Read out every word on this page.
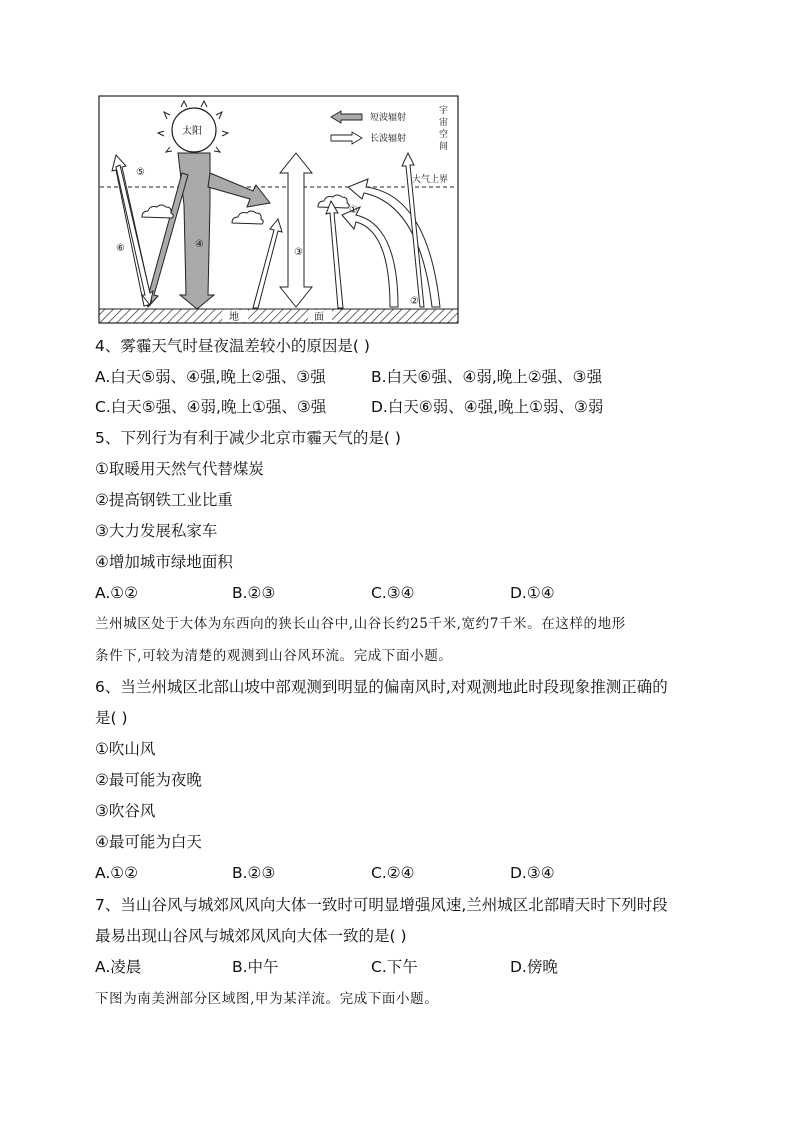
地	面
大气上界
宇
宙
空
间
短波辐射
长波辐射
太阳
⑤
⑥	④
③
①
②
4、雾霾天气时昼夜温差较小的原因是( )
A.白天⑤弱、④强,晚上②强、③强	B.白天⑥强、④弱,晚上②强、③强
C.白天⑤强、④弱,晚上①强、③强	D.白天⑥弱、④强,晚上①弱、③弱
5、下列行为有利于减少北京市霾天气的是( )
①取暖用天然气代替煤炭
②提高钢铁工业比重
③大力发展私家车
④增加城市绿地面积
A.①②	B.②③	C.③④	D.①④
兰州城区处于大体为东西向的狭长山谷中,山谷长约25千米,宽约7千米。在这样的地形
条件下,可较为清楚的观测到山谷风环流。完成下面小题。
6、当兰州城区北部山坡中部观测到明显的偏南风时,对观测地此时段现象推测正确的
是( )
①吹山风
②最可能为夜晚
③吹谷风
④最可能为白天
A.①②	B.②③	C.②④	D.③④
7、当山谷风与城郊风风向大体一致时可明显增强风速,兰州城区北部晴天时下列时段
最易出现山谷风与城郊风风向大体一致的是( )
A.凌晨	B.中午	C.下午	D.傍晚
下图为南美洲部分区域图,甲为某洋流。完成下面小题。
